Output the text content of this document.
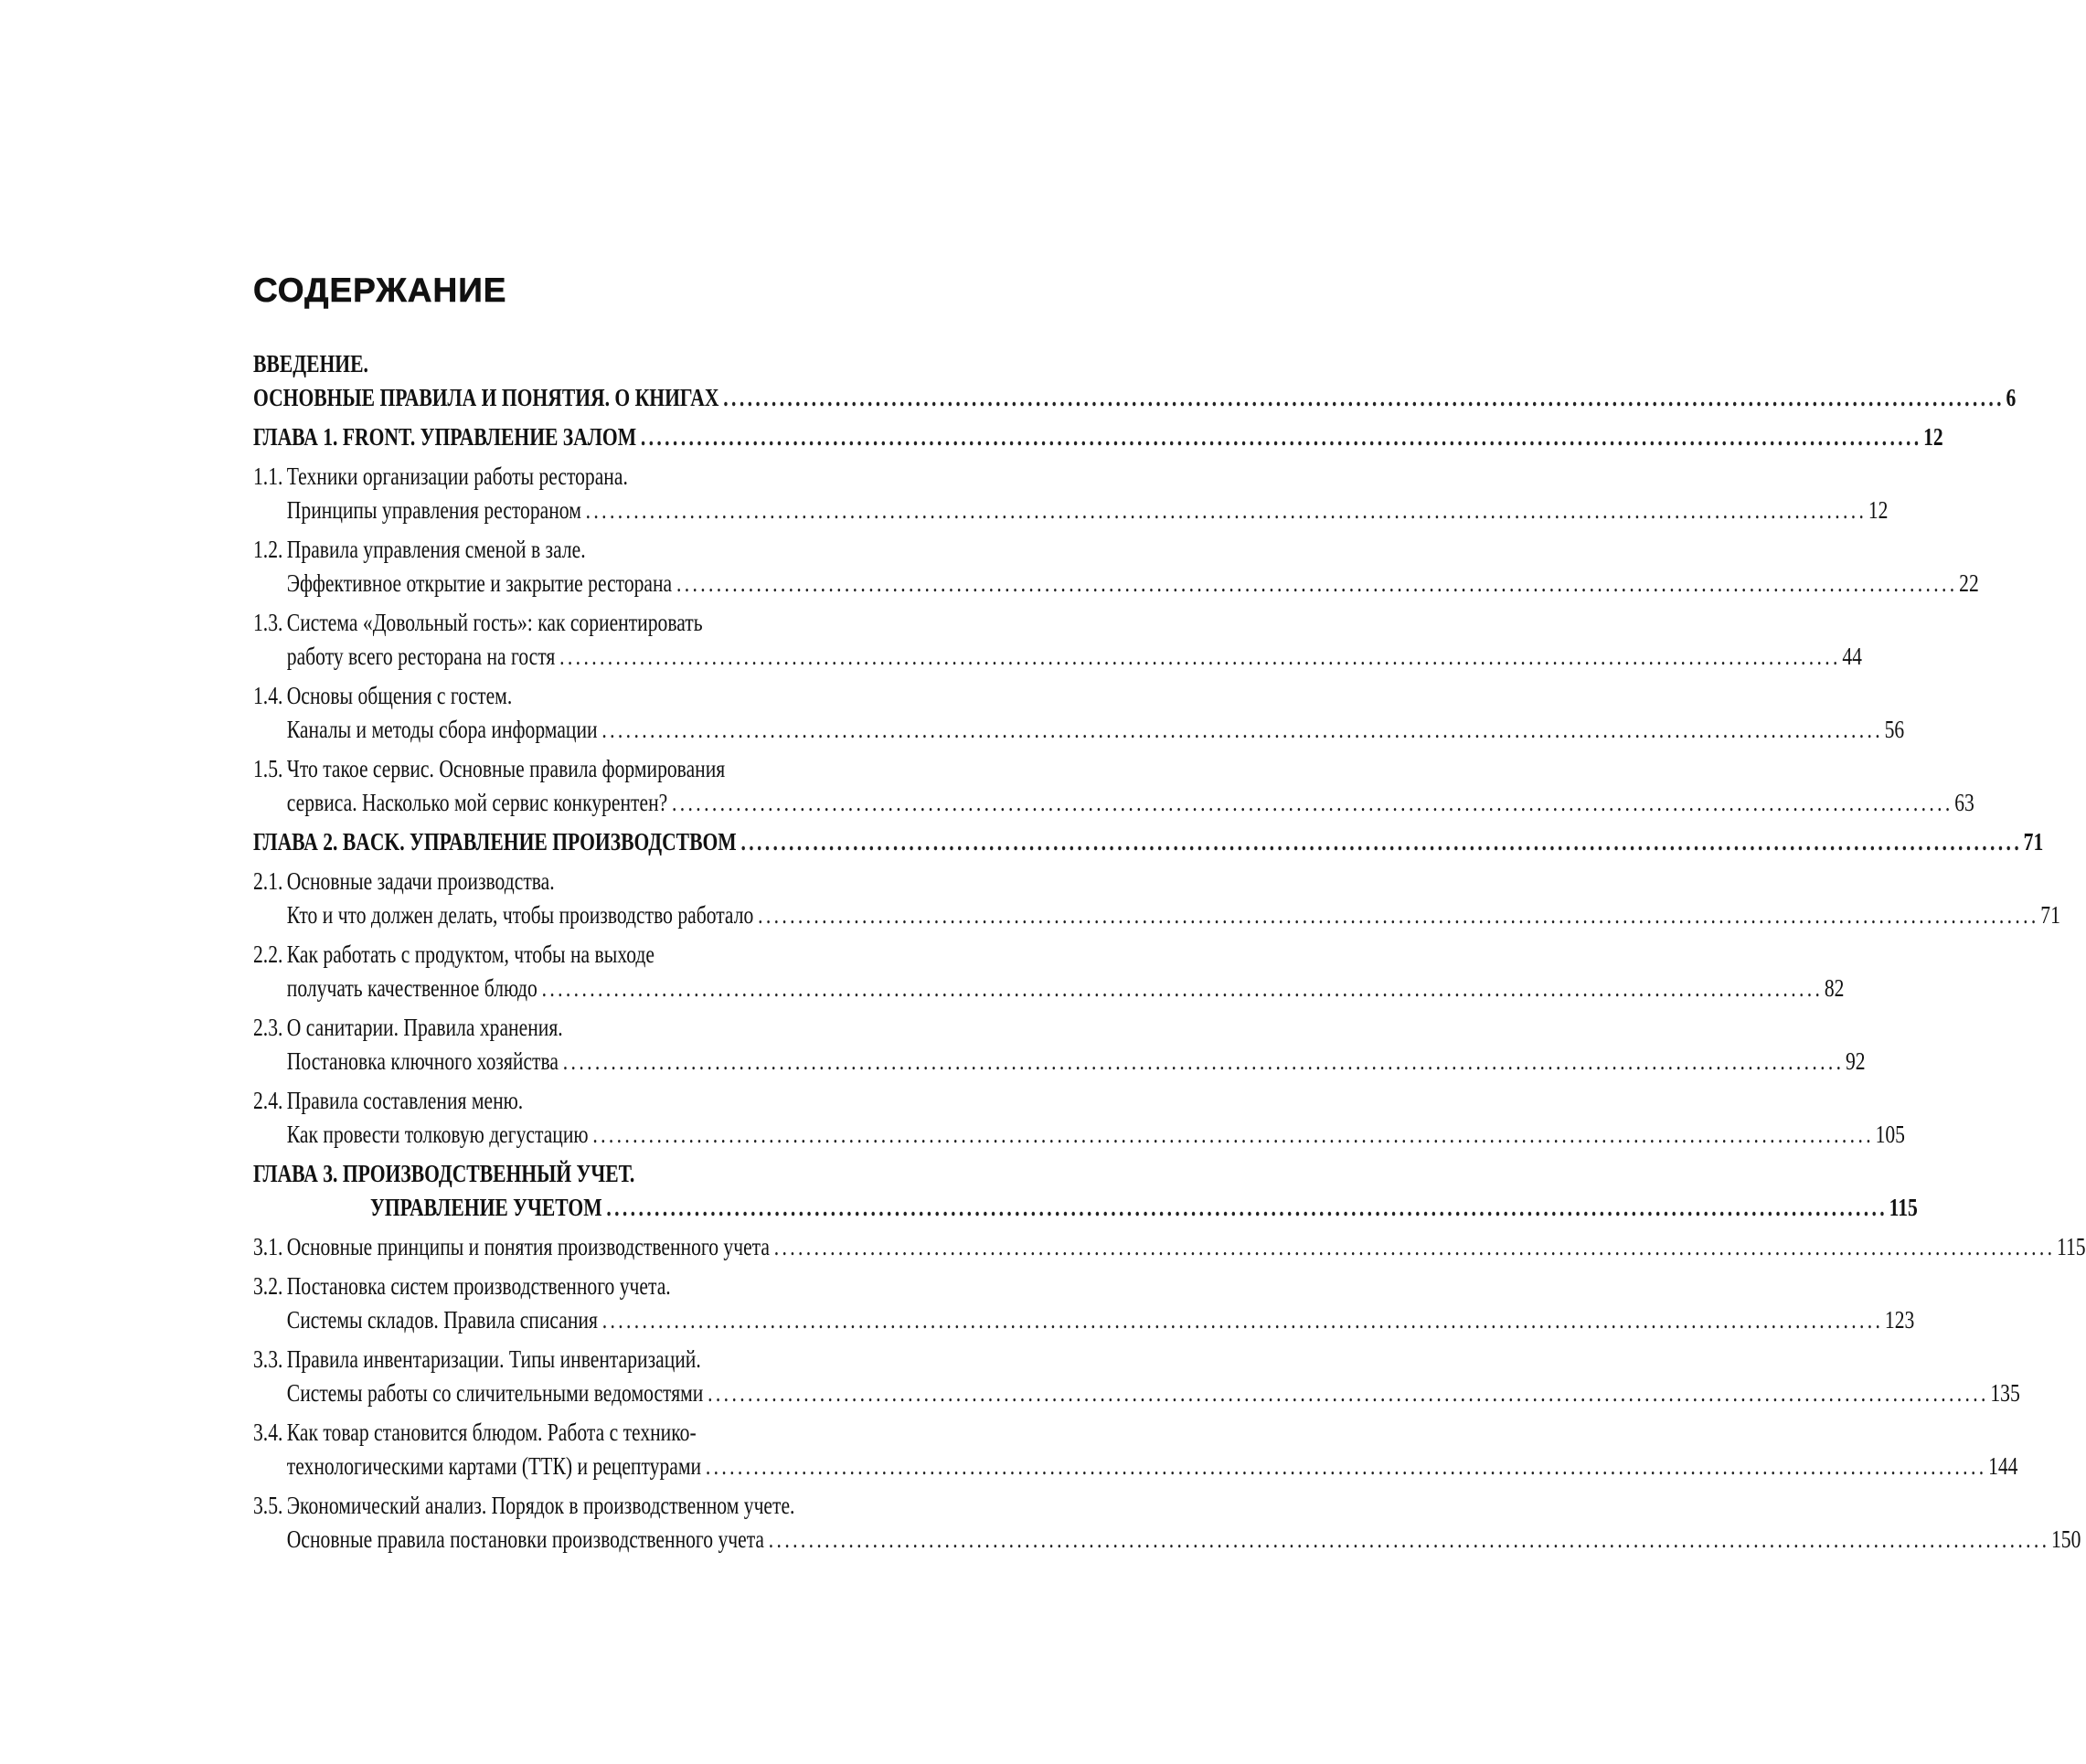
СОДЕРЖАНИЕ
ВВЕДЕНИЕ.
ОСНОВНЫЕ ПРАВИЛА И ПОНЯТИЯ. О КНИГАХ ................................................................................................................................................................ 6
ГЛАВА 1. FRONT. УПРАВЛЕНИЕ ЗАЛОМ ................................................................................................................................................................ 12
1.1. Техники организации работы ресторана.
Принципы управления рестораном ................................................................................................................................................................ 12
1.2. Правила управления сменой в зале.
Эффективное открытие и закрытие ресторана ................................................................................................................................................................ 22
1.3. Система «Довольный гость»: как сориентировать
работу всего ресторана на гостя ................................................................................................................................................................ 44
1.4. Основы общения с гостем.
Каналы и методы сбора информации ................................................................................................................................................................ 56
1.5. Что такое сервис. Основные правила формирования
сервиса. Насколько мой сервис конкурентен? ................................................................................................................................................................ 63
ГЛАВА 2. BACK. УПРАВЛЕНИЕ ПРОИЗВОДСТВОМ ................................................................................................................................................................ 71
2.1. Основные задачи производства.
Кто и что должен делать, чтобы производство работало ................................................................................................................................................................ 71
2.2. Как работать с продуктом, чтобы на выходе
получать качественное блюдо ................................................................................................................................................................ 82
2.3. О санитарии. Правила хранения.
Постановка ключного хозяйства ................................................................................................................................................................ 92
2.4. Правила составления меню.
Как провести толковую дегустацию ................................................................................................................................................................ 105
ГЛАВА 3. ПРОИЗВОДСТВЕННЫЙ УЧЕТ.
УПРАВЛЕНИЕ УЧЕТОМ ................................................................................................................................................................ 115
3.1. Основные принципы и понятия производственного учета ................................................................................................................................................................ 115
3.2. Постановка систем производственного учета.
Системы складов. Правила списания ................................................................................................................................................................ 123
3.3. Правила инвентаризации. Типы инвентаризаций.
Системы работы со сличительными ведомостями ................................................................................................................................................................ 135
3.4. Как товар становится блюдом. Работа с технико-
технологическими картами (ТТК) и рецептурами ................................................................................................................................................................ 144
3.5. Экономический анализ. Порядок в производственном учете.
Основные правила постановки производственного учета ................................................................................................................................................................ 150
